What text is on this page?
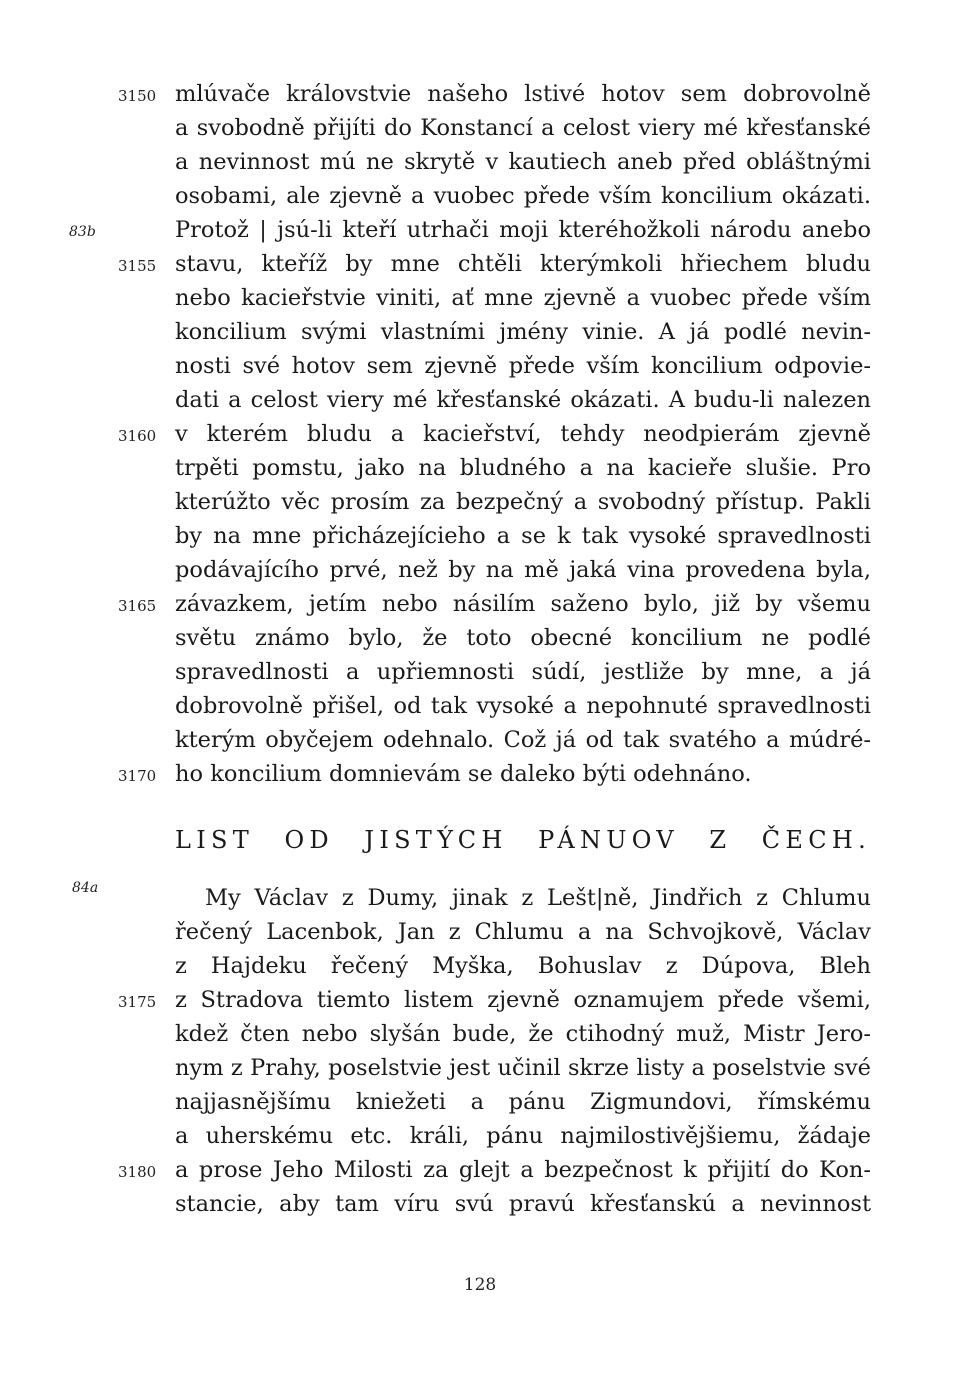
mlúvače královstvie našeho lstivé hotov sem dobrovolně
a svobodně přijíti do Konstancí a celost viery mé křesťanské
a nevinnost mú ne skrytě v kautiech aneb před obláštnými
osobami, ale zjevně a vuobec přede vším koncilium okázati.
Protož | jsú-li kteří utrhači moji kteréhožkoli národu anebo
stavu, kteříž by mne chtěli kterýmkoli hřiechem bludu
nebo kacieřstvie viniti, ať mne zjevně a vuobec přede vším
koncilium svými vlastními jmény vinie. A já podlé nevin-
nosti své hotov sem zjevně přede vším koncilium odpovie-
dati a celost viery mé křesťanské okázati. A budu-li nalezen
v kterém bludu a kacieřství, tehdy neodpierám zjevně
trpěti pomstu, jako na bludného a na kacieře slušie. Pro
kterúžto věc prosím za bezpečný a svobodný přístup. Pakli
by na mne přicházejícieho a se k tak vysoké spravedlnosti
podávajícího prvé, než by na mě jaká vina provedena byla,
závazkem, jetím nebo násilím saženo bylo, již by všemu
světu známo bylo, že toto obecné koncilium ne podlé
spravedlnosti a upřiemnosti súdí, jestliže by mne, a já
dobrovolně přišel, od tak vysoké a nepohnuté spravedlnosti
kterým obyčejem odehnalo. Což já od tak svatého a múdré-
ho koncilium domnievám se daleko býti odehnáno.
3150
3155
3160
3165
3170
83b
84a
LIST OD JISTÝCH PÁNUOV Z ČECH.
My Václav z Dumy, jinak z Lešt|ně, Jindřich z Chlumu
řečený Lacenbok, Jan z Chlumu a na Schvojkově, Václav
z Hajdeku řečený Myška, Bohuslav z Dúpova, Bleh
z Stradova tiemto listem zjevně oznamujem přede všemi,
kdež čten nebo slyšán bude, že ctihodný muž, Mistr Jero-
nym z Prahy, poselstvie jest učinil skrze listy a poselstvie své
najjasnějšímu kniežeti a pánu Zigmundovi, římskému
a uherskému etc. králi, pánu najmilostivějšiemu, žádaje
a prose Jeho Milosti za glejt a bezpečnost k přijití do Kon-
stancie, aby tam víru svú pravú křesťanskú a nevinnost
3175
3180
128
